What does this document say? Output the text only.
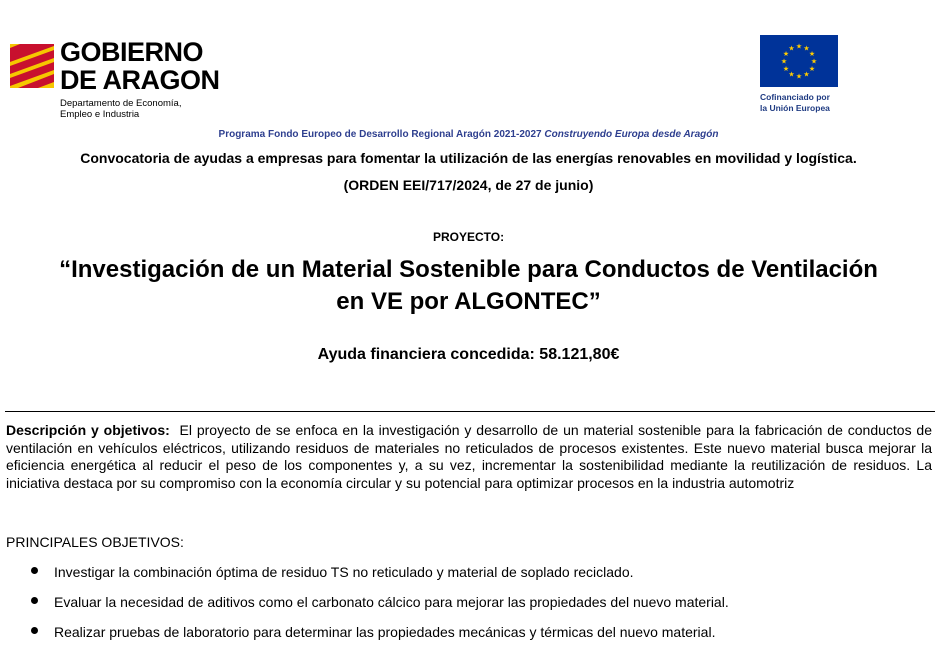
GOBIERNO
DE ARAGON
Departamento de Economía,
Empleo e Industria
★ ★
★
★
★
★
★
★
★
★
★
★
Cofinanciado por
la Unión Europea
Programa Fondo Europeo de Desarrollo Regional Aragón 2021-2027 Construyendo Europa desde Aragón
Convocatoria de ayudas a empresas para fomentar la utilización de las energías renovables en movilidad y logística.
(ORDEN EEI/717/2024, de 27 de junio)
PROYECTO:
“Investigación de un Material Sostenible para Conductos de Ventilación
en VE por ALGONTEC”
Ayuda financiera concedida: 58.121,80€
Descripción y objetivos: El proyecto de se enfoca en la investigación y desarrollo de un material sostenible para la fabricación de conductos de ventilación en vehículos eléctricos, utilizando residuos de materiales no reticulados de procesos existentes. Este nuevo material busca mejorar la eficiencia energética al reducir el peso de los componentes y, a su vez, incrementar la sostenibilidad mediante la reutilización de residuos. La iniciativa destaca por su compromiso con la economía circular y su potencial para optimizar procesos en la industria automotriz
PRINCIPALES OBJETIVOS:
Investigar la combinación óptima de residuo TS no reticulado y material de soplado reciclado.
Evaluar la necesidad de aditivos como el carbonato cálcico para mejorar las propiedades del nuevo material.
Realizar pruebas de laboratorio para determinar las propiedades mecánicas y térmicas del nuevo material.
